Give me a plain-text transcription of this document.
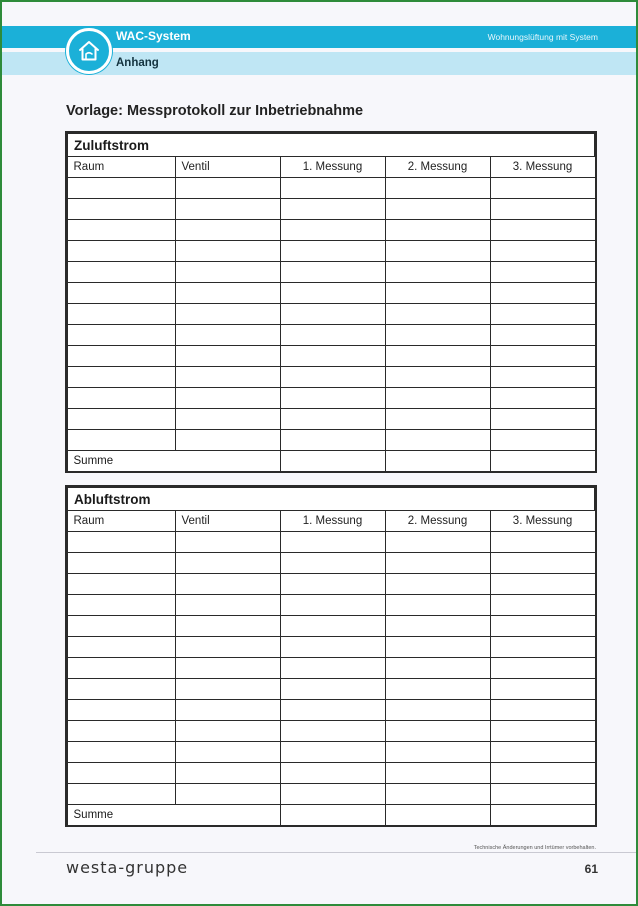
WAC-System	Wohnungslüftung mit System
Anhang
Vorlage: Messprotokoll zur Inbetriebnahme
Zuluftstrom				
Raum	Ventil	1. Messung	2. Messung	3. Messung

Summe				
Abluftstrom				
Raum	Ventil	1. Messung	2. Messung	3. Messung

Summe				
Technische Änderungen und Irrtümer vorbehalten.
westa-gruppe	61
